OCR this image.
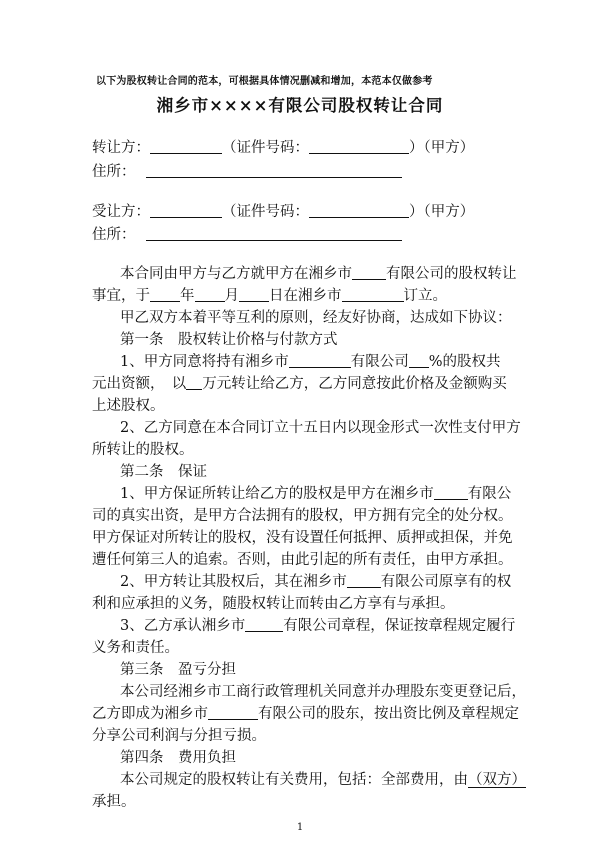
以下为股权转让合同的范本，可根据具体情况删减和增加，本范本仅做参考
湘乡市××××有限公司股权转让合同
转让方：	（证件号码：	）（甲方）
住所：
受让方：	（证件号码：	）（甲方）
住所：
本合同由甲方与乙方就甲方在湘乡市 有限公司的股权转让
事宜，于 年 月 日在湘乡市	订立。
甲乙双方本着平等互利的原则，经友好协商，达成如下协议：
第一条　股权转让价格与付款方式
1、甲方同意将持有湘乡市	有限公司 %的股权共
元出资额，　以 万元转让给乙方，乙方同意按此价格及金额购买
上述股权。
2、乙方同意在本合同订立十五日内以现金形式一次性支付甲方
所转让的股权。
第二条　保证
1、甲方保证所转让给乙方的股权是甲方在湘乡市 有限公
司的真实出资，是甲方合法拥有的股权，甲方拥有完全的处分权。
甲方保证对所转让的股权，没有设置任何抵押、质押或担保，并免
遭任何第三人的追索。否则，由此引起的所有责任，由甲方承担。
2、甲方转让其股权后，其在湘乡市 有限公司原享有的权
利和应承担的义务，随股权转让而转由乙方享有与承担。
3、乙方承认湘乡市	有限公司章程，保证按章程规定履行
义务和责任。
第三条　盈亏分担
本公司经湘乡市工商行政管理机关同意并办理股东变更登记后，
乙方即成为湘乡市	有限公司的股东，按出资比例及章程规定
分享公司利润与分担亏损。
第四条　费用负担
本公司规定的股权转让有关费用，包括：全部费用，由（双方）
承担。
1
